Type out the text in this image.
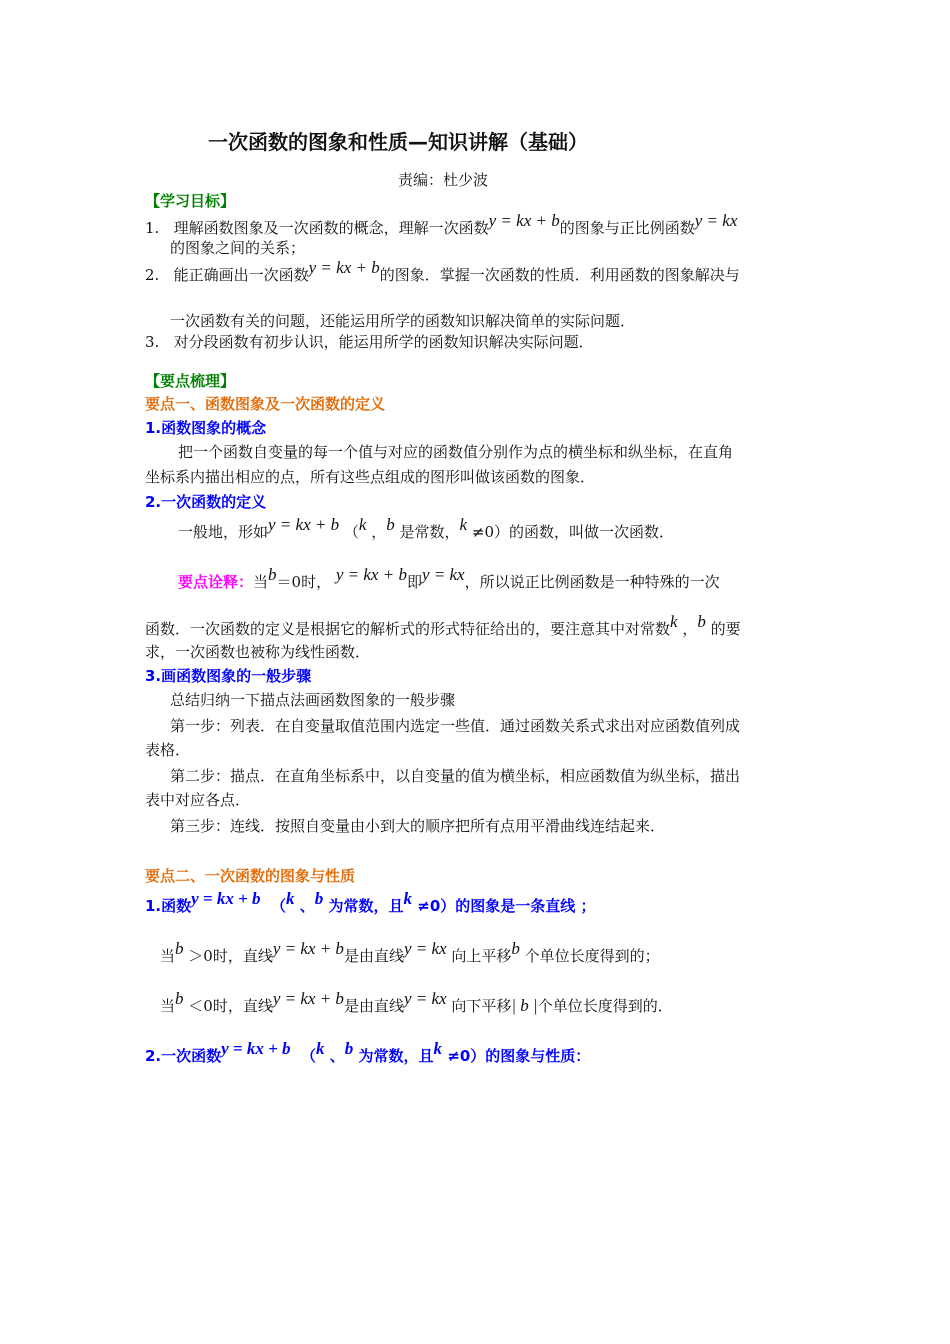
一次函数的图象和性质—知识讲解（基础）
责编：杜少波
【学习目标】
1. 理解函数图象及一次函数的概念，理解一次函数y = kx + b的图象与正比例函数y = kx
的图象之间的关系；
2. 能正确画出一次函数y = kx + b的图象．掌握一次函数的性质．利用函数的图象解决与
一次函数有关的问题，还能运用所学的函数知识解决简单的实际问题．
3. 对分段函数有初步认识，能运用所学的函数知识解决实际问题．
【要点梳理】
要点一、函数图象及一次函数的定义
1.函数图象的概念
把一个函数自变量的每一个值与对应的函数值分别作为点的横坐标和纵坐标，在直角
坐标系内描出相应的点，所有这些点组成的图形叫做该函数的图象．
2.一次函数的定义
一般地，形如y = kx + b （k ，b 是常数，k ≠0）的函数，叫做一次函数．
要点诠释：当b＝0时， y = kx + b即y = kx，所以说正比例函数是一种特殊的一次
函数．一次函数的定义是根据它的解析式的形式特征给出的，要注意其中对常数k ，b 的要
求，一次函数也被称为线性函数．
3.画函数图象的一般步骤
总结归纳一下描点法画函数图象的一般步骤
第一步：列表．在自变量取值范围内选定一些值．通过函数关系式求出对应函数值列成
表格．
第二步：描点．在直角坐标系中，以自变量的值为横坐标，相应函数值为纵坐标，描出
表中对应各点．
第三步：连线．按照自变量由小到大的顺序把所有点用平滑曲线连结起来．
要点二、一次函数的图象与性质
1.函数y = kx + b （k 、b 为常数，且k ≠0）的图象是一条直线 ；
当b ＞0时，直线y = kx + b是由直线y = kx 向上平移b 个单位长度得到的；
当b ＜0时，直线y = kx + b是由直线y = kx 向下平移| b |个单位长度得到的．
2.一次函数y = kx + b （k 、b 为常数，且k ≠0）的图象与性质：
